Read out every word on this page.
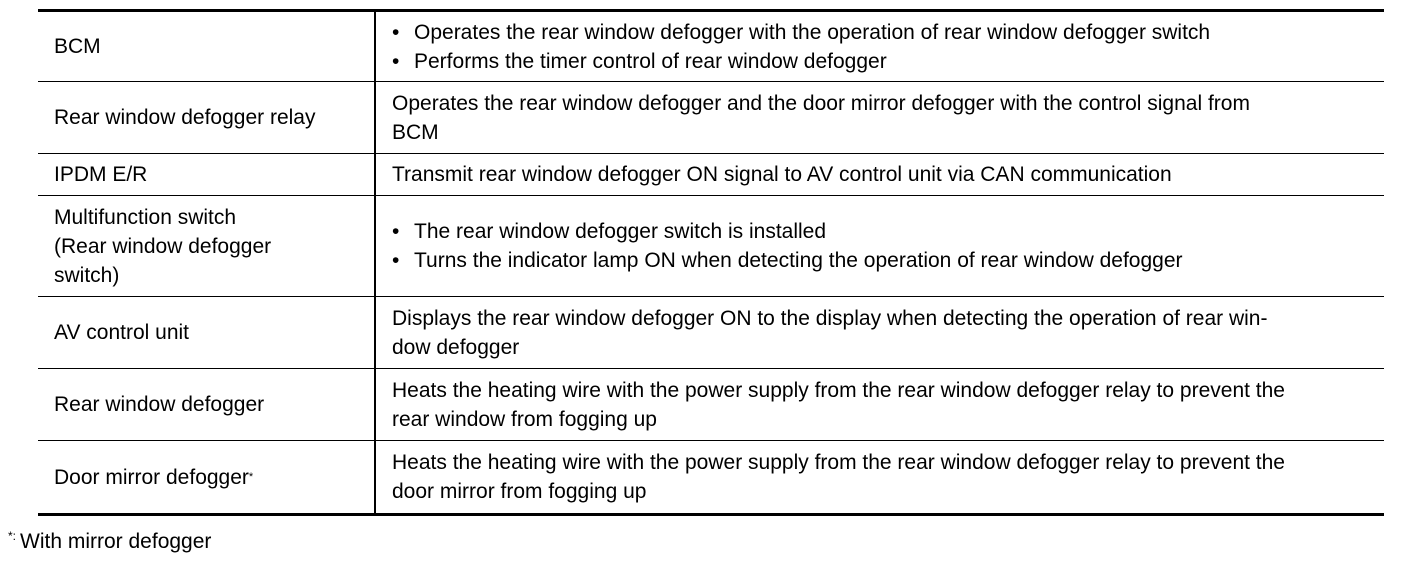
BCM
• Operates the rear window defogger with the operation of rear window defogger switch
• Performs the timer control of rear window defogger
Rear window defogger relay
Operates the rear window defogger and the door mirror defogger with the control signal from
BCM
IPDM E/R	Transmit rear window defogger ON signal to AV control unit via CAN communication
Multifunction switch
(Rear window defogger
switch)
• The rear window defogger switch is installed
• Turns the indicator lamp ON when detecting the operation of rear window defogger
AV control unit
Displays the rear window defogger ON to the display when detecting the operation of rear win-
dow defogger
Rear window defogger
Heats the heating wire with the power supply from the rear window defogger relay to prevent the
rear window from fogging up
Door mirror defogger *
Heats the heating wire with the power supply from the rear window defogger relay to prevent the
door mirror from fogging up
*: With mirror defogger
